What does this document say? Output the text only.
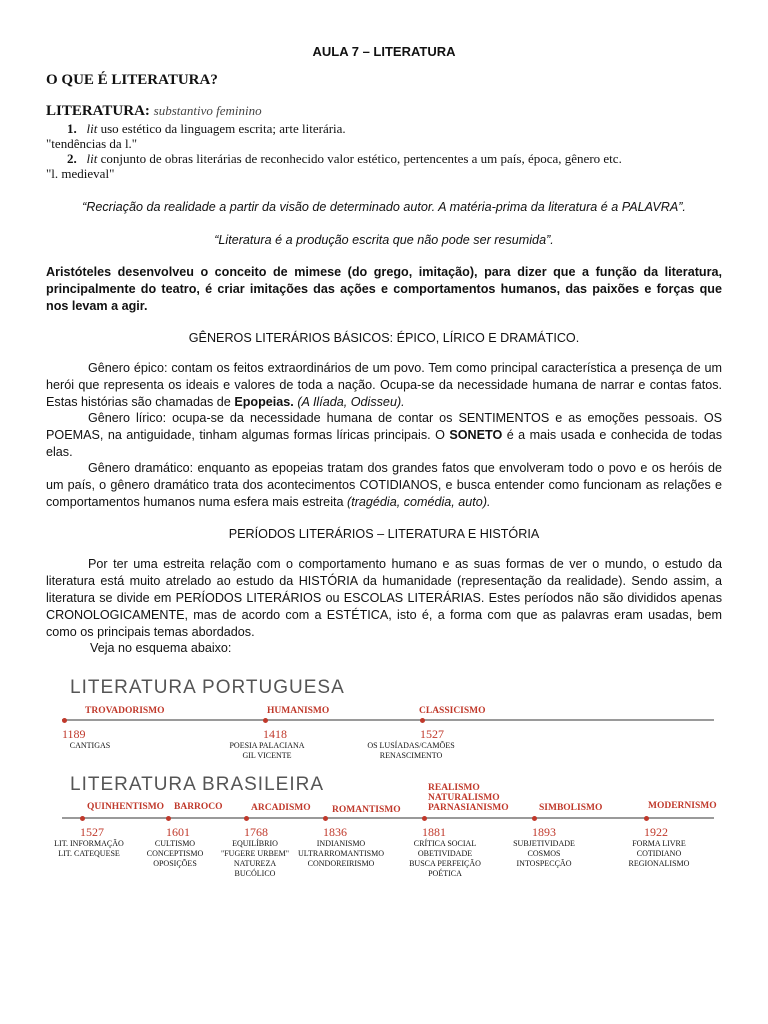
AULA 7 – LITERATURA
O QUE É LITERATURA?
LITERATURA: substantivo feminino
1. lit uso estético da linguagem escrita; arte literária.
"tendências da l."
2. lit conjunto de obras literárias de reconhecido valor estético, pertencentes a um país, época, gênero etc.
"l. medieval"
“Recriação da realidade a partir da visão de determinado autor. A matéria-prima da literatura é a PALAVRA”.
“Literatura é a produção escrita que não pode ser resumida”.
Aristóteles desenvolveu o conceito de mimese (do grego, imitação), para dizer que a função da literatura, principalmente do teatro, é criar imitações das ações e comportamentos humanos, das paixões e forças que nos levam a agir.
GÊNEROS LITERÁRIOS BÁSICOS: ÉPICO, LÍRICO E DRAMÁTICO.
Gênero épico: contam os feitos extraordinários de um povo. Tem como principal característica a presença de um herói que representa os ideais e valores de toda a nação. Ocupa-se da necessidade humana de narrar e contas fatos. Estas histórias são chamadas de Epopeias. (A Ilíada, Odisseu).
Gênero lírico: ocupa-se da necessidade humana de contar os SENTIMENTOS e as emoções pessoais. OS POEMAS, na antiguidade, tinham algumas formas líricas principais. O SONETO é a mais usada e conhecida de todas elas.
Gênero dramático: enquanto as epopeias tratam dos grandes fatos que envolveram todo o povo e os heróis de um país, o gênero dramático trata dos acontecimentos COTIDIANOS, e busca entender como funcionam as relações e comportamentos humanos numa esfera mais estreita (tragédia, comédia, auto).
PERÍODOS LITERÁRIOS – LITERATURA E HISTÓRIA
Por ter uma estreita relação com o comportamento humano e as suas formas de ver o mundo, o estudo da literatura está muito atrelado ao estudo da HISTÓRIA da humanidade (representação da realidade). Sendo assim, a literatura se divide em PERÍODOS LITERÁRIOS ou ESCOLAS LITERÁRIAS. Estes períodos não são divididos apenas CRONOLOGICAMENTE, mas de acordo com a ESTÉTICA, isto é, a forma com que as palavras eram usadas, bem como os principais temas abordados.
Veja no esquema abaixo:
LITERATURA PORTUGUESA
TROVADORISMO
1189
CANTIGAS
HUMANISMO
1418
POESIA PALACIANA
GIL VICENTE
CLASSICISMO
1527
OS LUSÍADAS/CAMÕES
RENASCIMENTO
LITERATURA BRASILEIRA
QUINHENTISMO
1527
LIT. INFORMAÇÃO
LIT. CATEQUESE
BARROCO
1601
CULTISMO
CONCEPTISMO
OPOSIÇÕES
ARCADISMO
1768
EQUILÍBRIO
"FUGERE URBEM"
NATUREZA
BUCÓLICO
ROMANTISMO
1836
INDIANISMO
ULTRARROMANTISMO
CONDOREIRISMO
REALISMO
NATURALISMO
PARNASIANISMO
1881
CRÍTICA SOCIAL
OBETIVIDADE
BUSCA PERFEIÇÃO
POÉTICA
SIMBOLISMO
1893
SUBJETIVIDADE
COSMOS
INTOSPECÇÃO
MODERNISMO
1922
FORMA LIVRE
COTIDIANO
REGIONALISMO
